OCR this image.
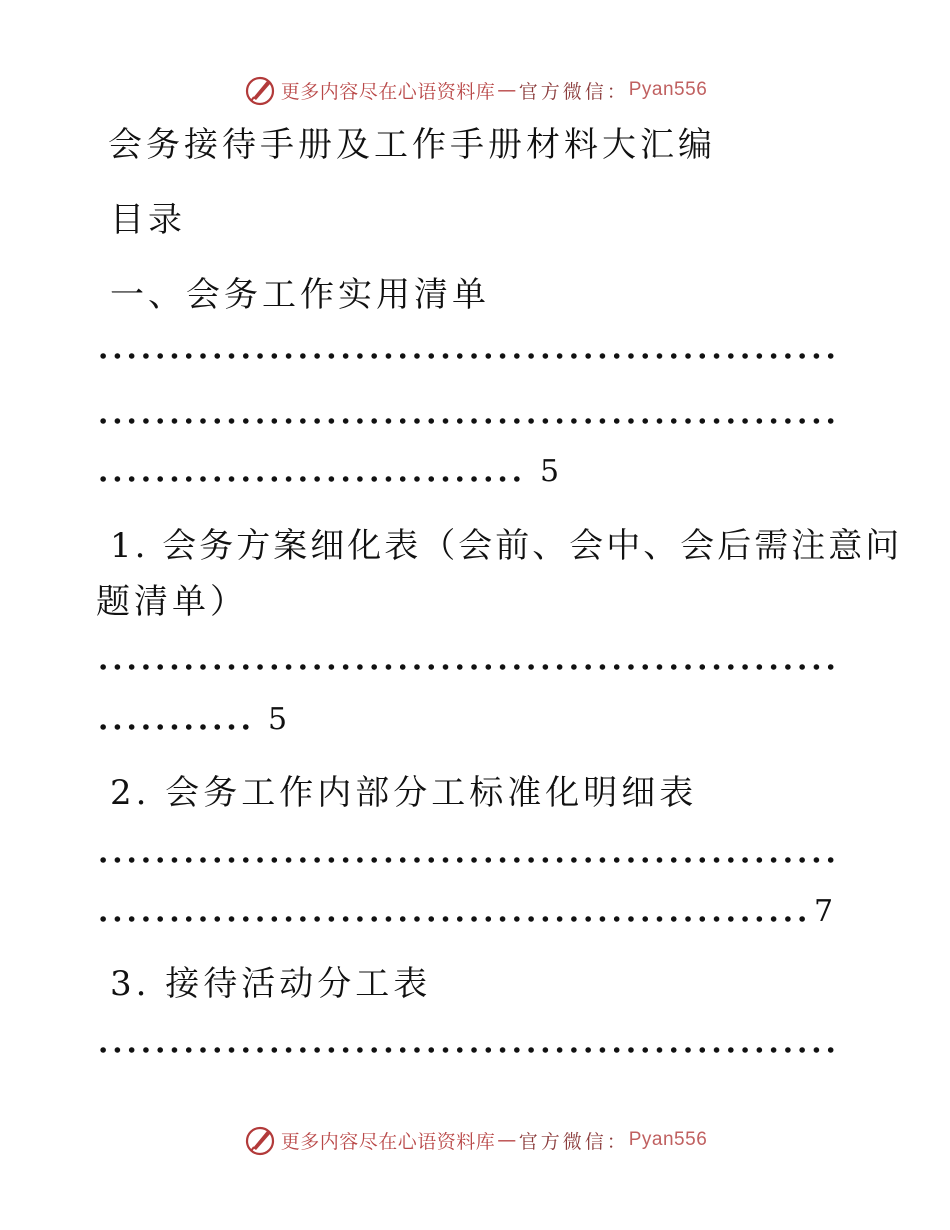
更多内容尽在心语资料库 — 官方微信： Pyan556
会务接待手册及工作手册材料大汇编
目录
一、会务工作实用清单
5
1. 会务方案细化表（会前、会中、会后需注意问
题清单）
5
2. 会务工作内部分工标准化明细表
7
3. 接待活动分工表
更多内容尽在心语资料库 — 官方微信： Pyan556
